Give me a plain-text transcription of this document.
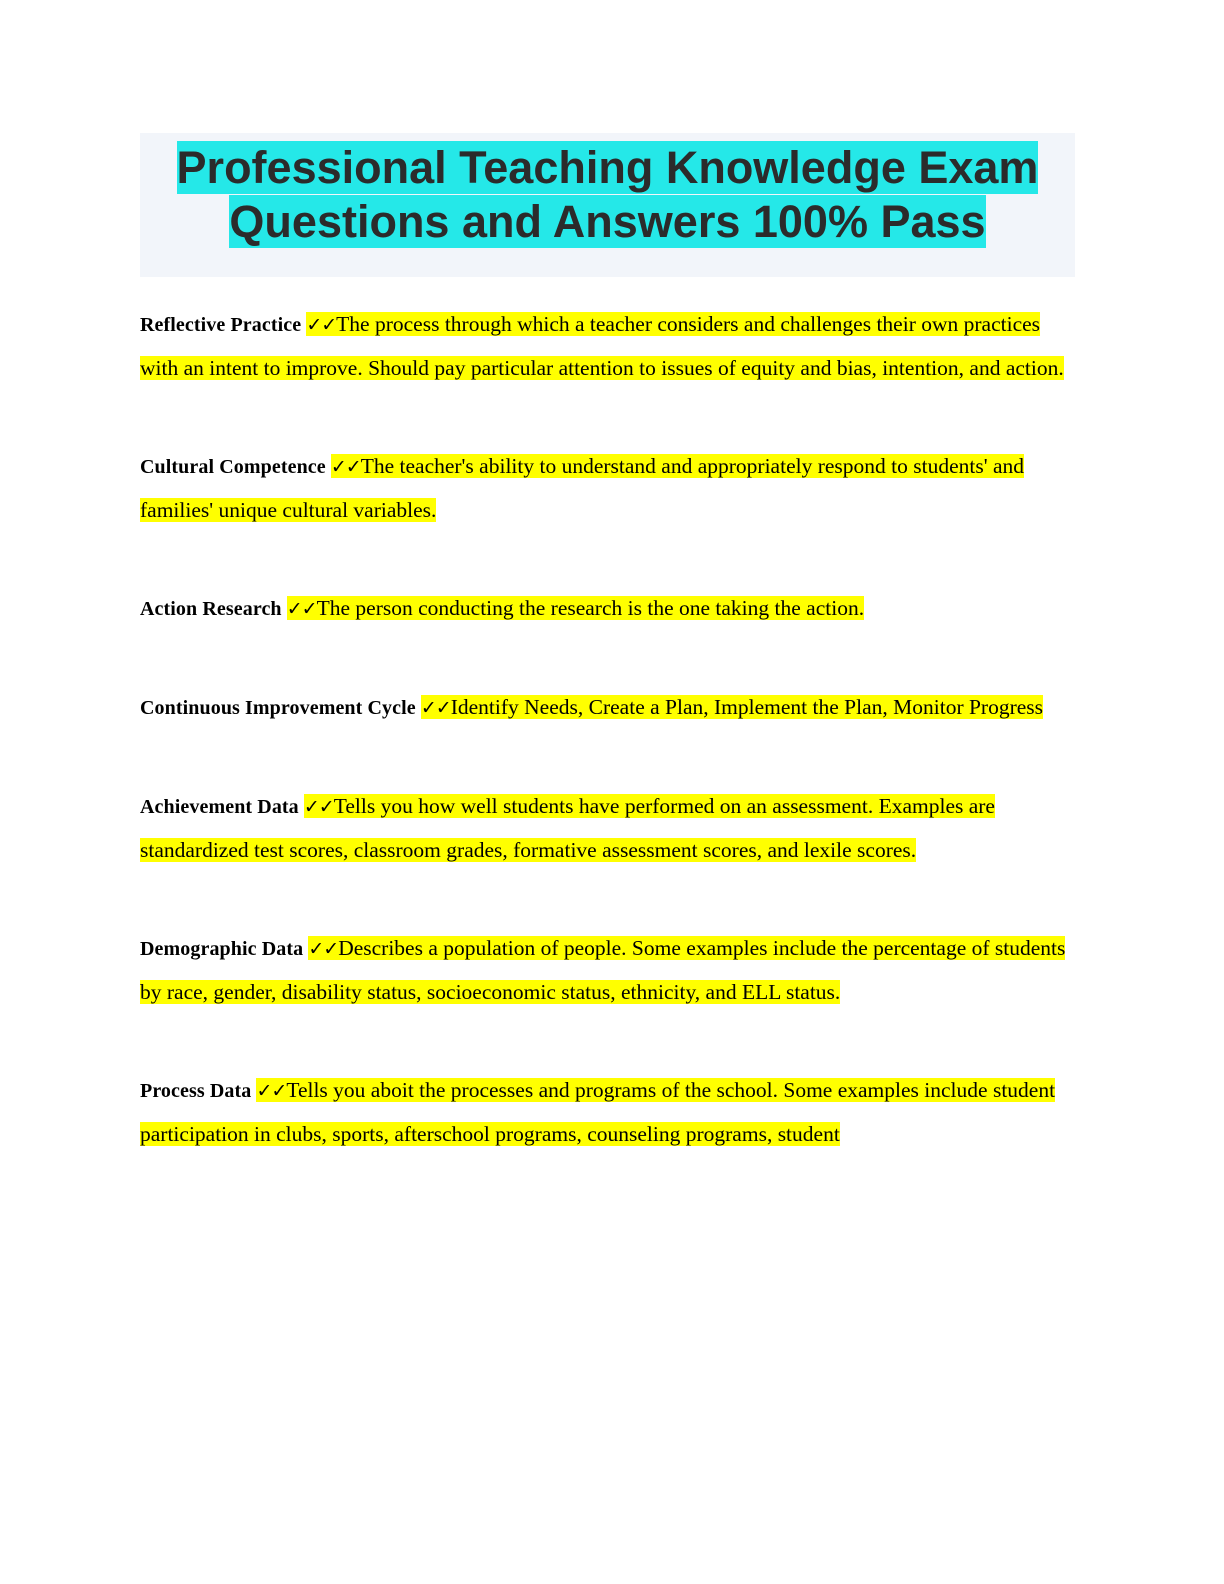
Professional Teaching Knowledge Exam
Questions and Answers 100% Pass

Reflective Practice ✓✓The process through which a teacher considers and challenges their own practices with an intent to improve. Should pay particular attention to issues of equity and bias, intention, and action.

Cultural Competence ✓✓The teacher's ability to understand and appropriately respond to students' and families' unique cultural variables.

Action Research ✓✓The person conducting the research is the one taking the action.

Continuous Improvement Cycle ✓✓Identify Needs, Create a Plan, Implement the Plan, Monitor Progress

Achievement Data ✓✓Tells you how well students have performed on an assessment. Examples are standardized test scores, classroom grades, formative assessment scores, and lexile scores.

Demographic Data ✓✓Describes a population of people. Some examples include the percentage of students by race, gender, disability status, socioeconomic status, ethnicity, and ELL status.

Process Data ✓✓Tells you aboit the processes and programs of the school. Some examples include student participation in clubs, sports, afterschool programs, counseling programs, student
